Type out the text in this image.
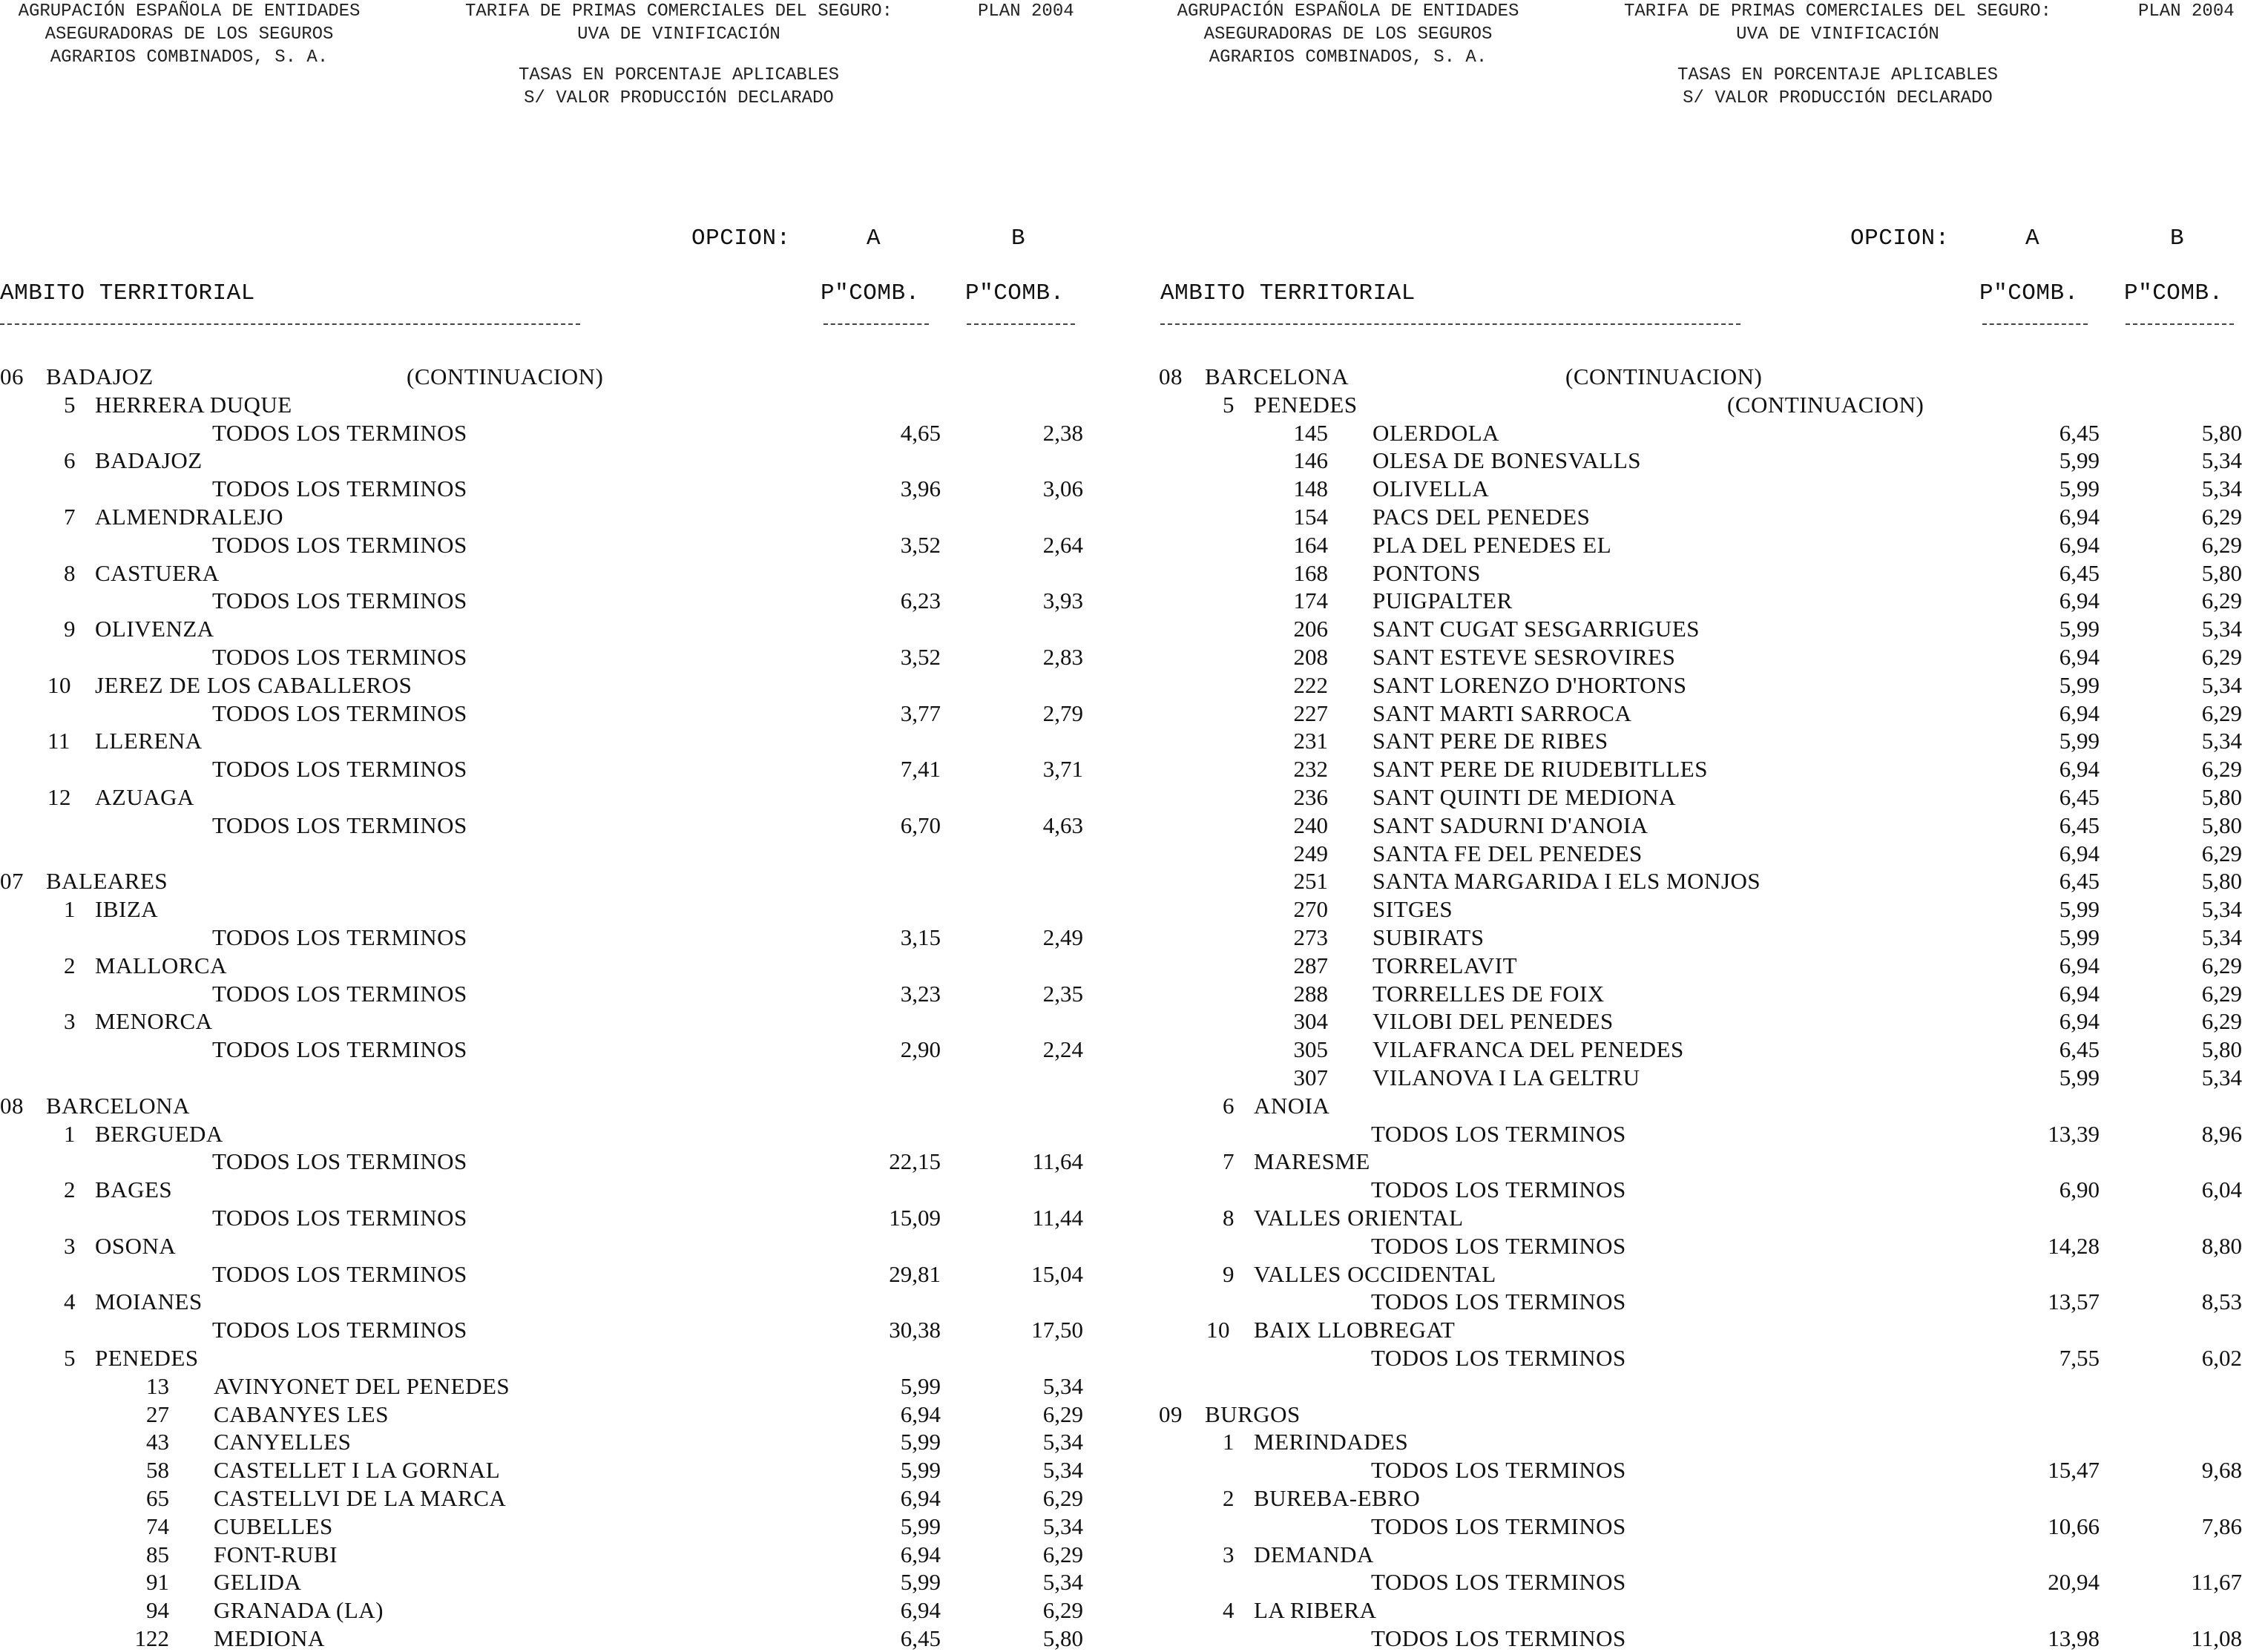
AGRUPACIÓN ESPAÑOLA DE ENTIDADES
ASEGURADORAS DE LOS SEGUROS
AGRARIOS COMBINADOS, S. A.
TARIFA DE PRIMAS COMERCIALES DEL SEGURO:
UVA DE VINIFICACIÓN
PLAN 2004
TASAS EN PORCENTAJE APLICABLES
S/ VALOR PRODUCCIÓN DECLARADO
OPCION:	A	B
AMBITO TERRITORIAL	P"COMB. P"COMB.
06 BADAJOZ	(CONTINUACION)
5 HERRERA DUQUE
TODOS LOS TERMINOS	4,65	2,38
6 BADAJOZ
TODOS LOS TERMINOS	3,96	3,06
7 ALMENDRALEJO
TODOS LOS TERMINOS	3,52	2,64
8 CASTUERA
TODOS LOS TERMINOS	6,23	3,93
9 OLIVENZA
TODOS LOS TERMINOS	3,52	2,83
10 JEREZ DE LOS CABALLEROS
TODOS LOS TERMINOS	3,77	2,79
11 LLERENA
TODOS LOS TERMINOS	7,41	3,71
12 AZUAGA
TODOS LOS TERMINOS	6,70	4,63
07 BALEARES
1 IBIZA
TODOS LOS TERMINOS	3,15	2,49
2 MALLORCA
TODOS LOS TERMINOS	3,23	2,35
3 MENORCA
TODOS LOS TERMINOS	2,90	2,24
08 BARCELONA
1 BERGUEDA
TODOS LOS TERMINOS	22,15	11,64
2 BAGES
TODOS LOS TERMINOS	15,09	11,44
3 OSONA
TODOS LOS TERMINOS	29,81	15,04
4 MOIANES
TODOS LOS TERMINOS	30,38	17,50
5 PENEDES
13 AVINYONET DEL PENEDES	5,99	5,34
27 CABANYES LES	6,94	6,29
43 CANYELLES	5,99	5,34
58 CASTELLET I LA GORNAL	5,99	5,34
65 CASTELLVI DE LA MARCA	6,94	6,29
74 CUBELLES	5,99	5,34
85 FONT-RUBI	6,94	6,29
91 GELIDA	5,99	5,34
94 GRANADA (LA)	6,94	6,29
122 MEDIONA	6,45	5,80
AGRUPACIÓN ESPAÑOLA DE ENTIDADES
ASEGURADORAS DE LOS SEGUROS
AGRARIOS COMBINADOS, S. A.
TARIFA DE PRIMAS COMERCIALES DEL SEGURO:
UVA DE VINIFICACIÓN
PLAN 2004
TASAS EN PORCENTAJE APLICABLES
S/ VALOR PRODUCCIÓN DECLARADO
OPCION:	A	B
AMBITO TERRITORIAL	P"COMB. P"COMB.
08 BARCELONA	(CONTINUACION)
5 PENEDES	(CONTINUACION)
145 OLERDOLA	6,45	5,80
146 OLESA DE BONESVALLS	5,99	5,34
148 OLIVELLA	5,99	5,34
154 PACS DEL PENEDES	6,94	6,29
164 PLA DEL PENEDES EL	6,94	6,29
168 PONTONS	6,45	5,80
174 PUIGPALTER	6,94	6,29
206 SANT CUGAT SESGARRIGUES	5,99	5,34
208 SANT ESTEVE SESROVIRES	6,94	6,29
222 SANT LORENZO D'HORTONS	5,99	5,34
227 SANT MARTI SARROCA	6,94	6,29
231 SANT PERE DE RIBES	5,99	5,34
232 SANT PERE DE RIUDEBITLLES	6,94	6,29
236 SANT QUINTI DE MEDIONA	6,45	5,80
240 SANT SADURNI D'ANOIA	6,45	5,80
249 SANTA FE DEL PENEDES	6,94	6,29
251 SANTA MARGARIDA I ELS MONJOS	6,45	5,80
270 SITGES	5,99	5,34
273 SUBIRATS	5,99	5,34
287 TORRELAVIT	6,94	6,29
288 TORRELLES DE FOIX	6,94	6,29
304 VILOBI DEL PENEDES	6,94	6,29
305 VILAFRANCA DEL PENEDES	6,45	5,80
307 VILANOVA I LA GELTRU	5,99	5,34
6 ANOIA
TODOS LOS TERMINOS	13,39	8,96
7 MARESME
TODOS LOS TERMINOS	6,90	6,04
8 VALLES ORIENTAL
TODOS LOS TERMINOS	14,28	8,80
9 VALLES OCCIDENTAL
TODOS LOS TERMINOS	13,57	8,53
10 BAIX LLOBREGAT
TODOS LOS TERMINOS	7,55	6,02
09 BURGOS
1 MERINDADES
TODOS LOS TERMINOS	15,47	9,68
2 BUREBA-EBRO
TODOS LOS TERMINOS	10,66	7,86
3 DEMANDA
TODOS LOS TERMINOS	20,94	11,67
4 LA RIBERA
TODOS LOS TERMINOS	13,98	11,08
